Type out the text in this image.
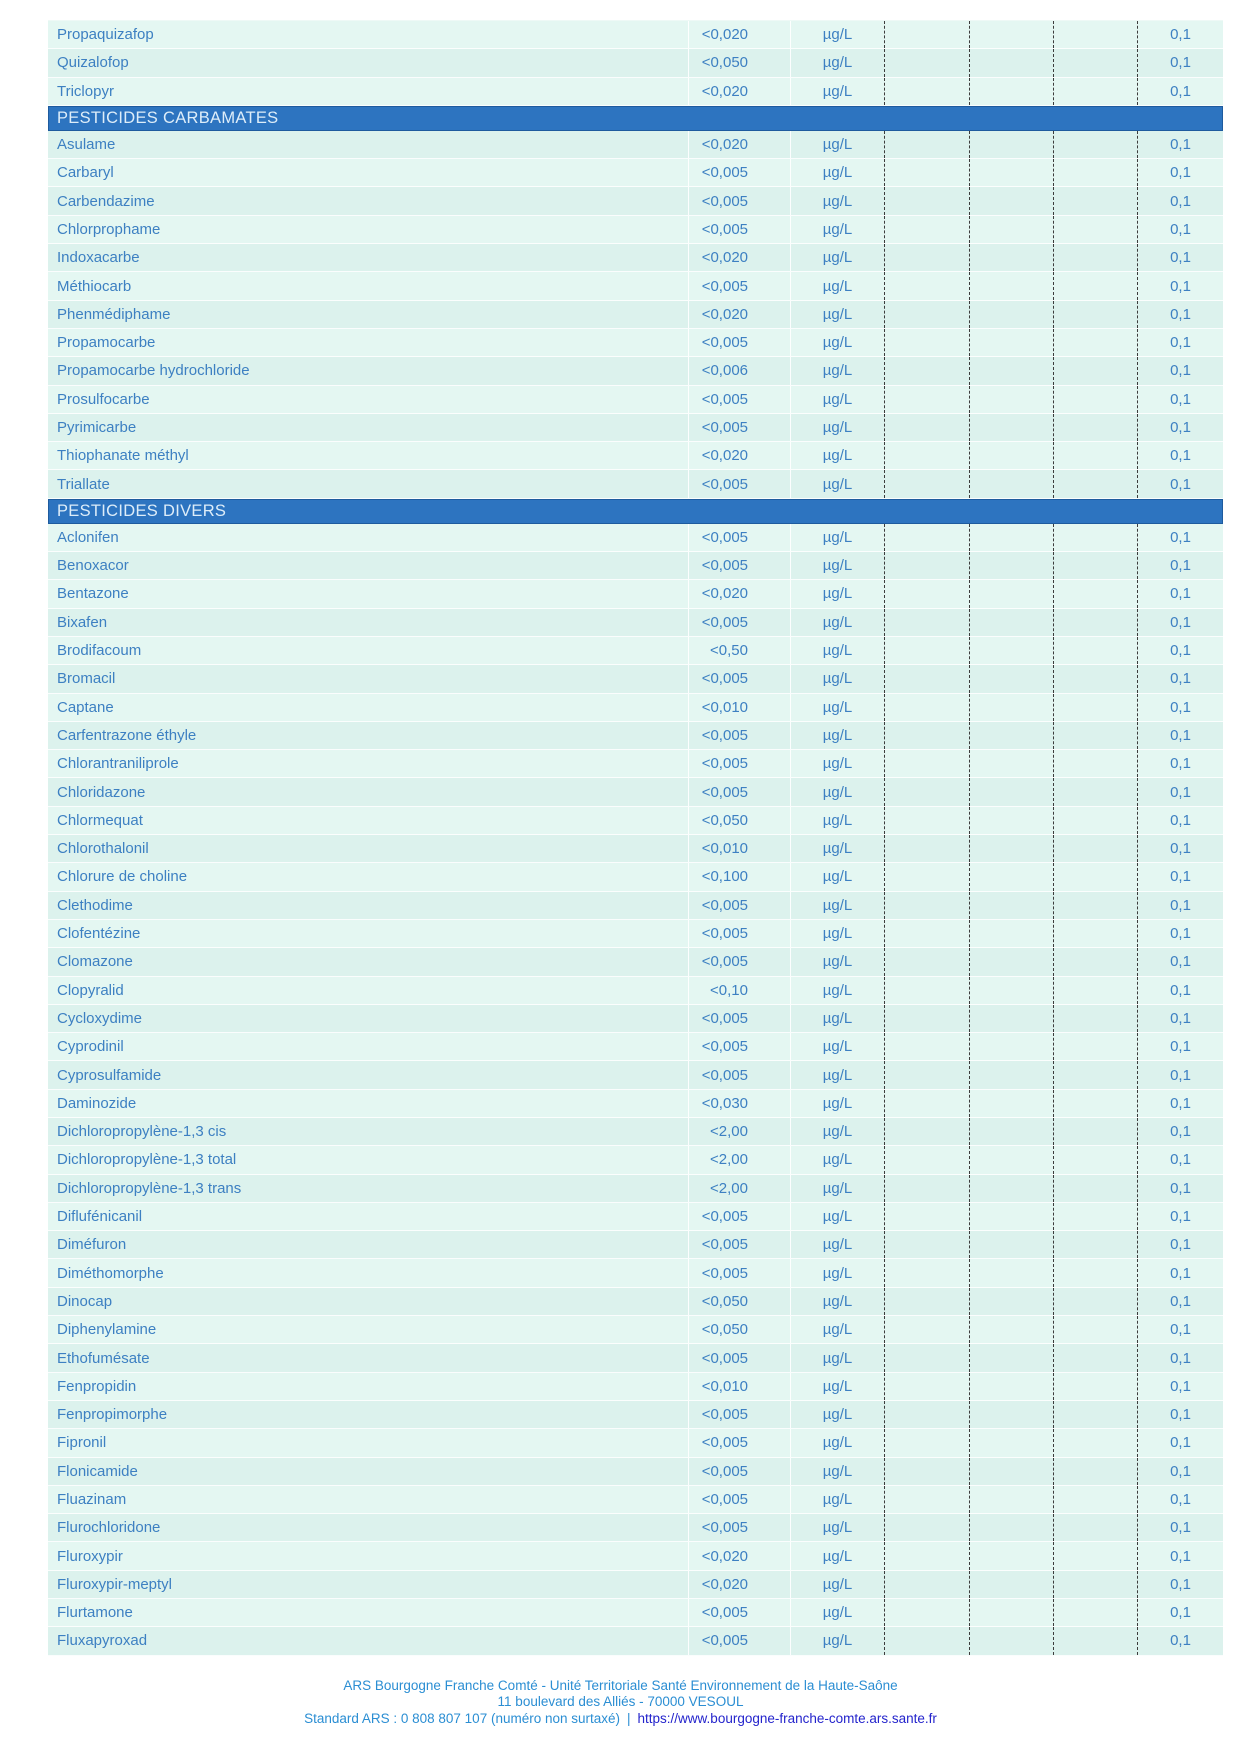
Propaquizafop	<0,020	µg/L	0,1
Quizalofop	<0,050	µg/L	0,1
Triclopyr	<0,020	µg/L	0,1
PESTICIDES CARBAMATES
Asulame	<0,020	µg/L	0,1
Carbaryl	<0,005	µg/L	0,1
Carbendazime	<0,005	µg/L	0,1
Chlorprophame	<0,005	µg/L	0,1
Indoxacarbe	<0,020	µg/L	0,1
Méthiocarb	<0,005	µg/L	0,1
Phenmédiphame	<0,020	µg/L	0,1
Propamocarbe	<0,005	µg/L	0,1
Propamocarbe hydrochloride	<0,006	µg/L	0,1
Prosulfocarbe	<0,005	µg/L	0,1
Pyrimicarbe	<0,005	µg/L	0,1
Thiophanate méthyl	<0,020	µg/L	0,1
Triallate	<0,005	µg/L	0,1
PESTICIDES DIVERS
Aclonifen	<0,005	µg/L	0,1
Benoxacor	<0,005	µg/L	0,1
Bentazone	<0,020	µg/L	0,1
Bixafen	<0,005	µg/L	0,1
Brodifacoum	<0,50	µg/L	0,1
Bromacil	<0,005	µg/L	0,1
Captane	<0,010	µg/L	0,1
Carfentrazone éthyle	<0,005	µg/L	0,1
Chlorantraniliprole	<0,005	µg/L	0,1
Chloridazone	<0,005	µg/L	0,1
Chlormequat	<0,050	µg/L	0,1
Chlorothalonil	<0,010	µg/L	0,1
Chlorure de choline	<0,100	µg/L	0,1
Clethodime	<0,005	µg/L	0,1
Clofentézine	<0,005	µg/L	0,1
Clomazone	<0,005	µg/L	0,1
Clopyralid	<0,10	µg/L	0,1
Cycloxydime	<0,005	µg/L	0,1
Cyprodinil	<0,005	µg/L	0,1
Cyprosulfamide	<0,005	µg/L	0,1
Daminozide	<0,030	µg/L	0,1
Dichloropropylène-1,3 cis	<2,00	µg/L	0,1
Dichloropropylène-1,3 total	<2,00	µg/L	0,1
Dichloropropylène-1,3 trans	<2,00	µg/L	0,1
Diflufénicanil	<0,005	µg/L	0,1
Diméfuron	<0,005	µg/L	0,1
Diméthomorphe	<0,005	µg/L	0,1
Dinocap	<0,050	µg/L	0,1
Diphenylamine	<0,050	µg/L	0,1
Ethofumésate	<0,005	µg/L	0,1
Fenpropidin	<0,010	µg/L	0,1
Fenpropimorphe	<0,005	µg/L	0,1
Fipronil	<0,005	µg/L	0,1
Flonicamide	<0,005	µg/L	0,1
Fluazinam	<0,005	µg/L	0,1
Flurochloridone	<0,005	µg/L	0,1
Fluroxypir	<0,020	µg/L	0,1
Fluroxypir-meptyl	<0,020	µg/L	0,1
Flurtamone	<0,005	µg/L	0,1
Fluxapyroxad	<0,005	µg/L	0,1
ARS Bourgogne Franche Comté - Unité Territoriale Santé Environnement de la Haute-Saône
11 boulevard des Alliés - 70000 VESOUL
Standard ARS : 0 808 807 107 (numéro non surtaxé) | https://www.bourgogne-franche-comte.ars.sante.fr
